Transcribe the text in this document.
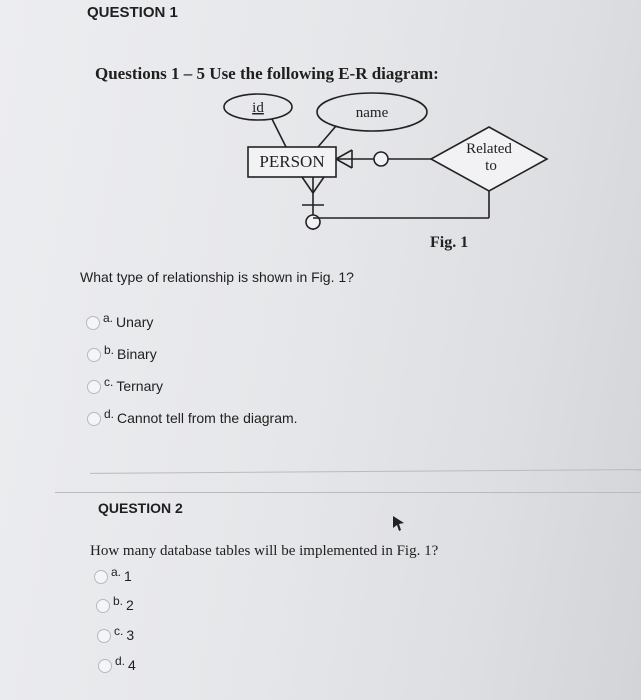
QUESTION 1
Questions 1 – 5 Use the following E-R diagram:
id	name
PERSON
Related
to
Fig. 1
What type of relationship is shown in Fig. 1?
a. Unary
b. Binary
c. Ternary
d. Cannot tell from the diagram.
QUESTION 2
How many database tables will be implemented in Fig. 1?
a. 1
b. 2
c. 3
d. 4
